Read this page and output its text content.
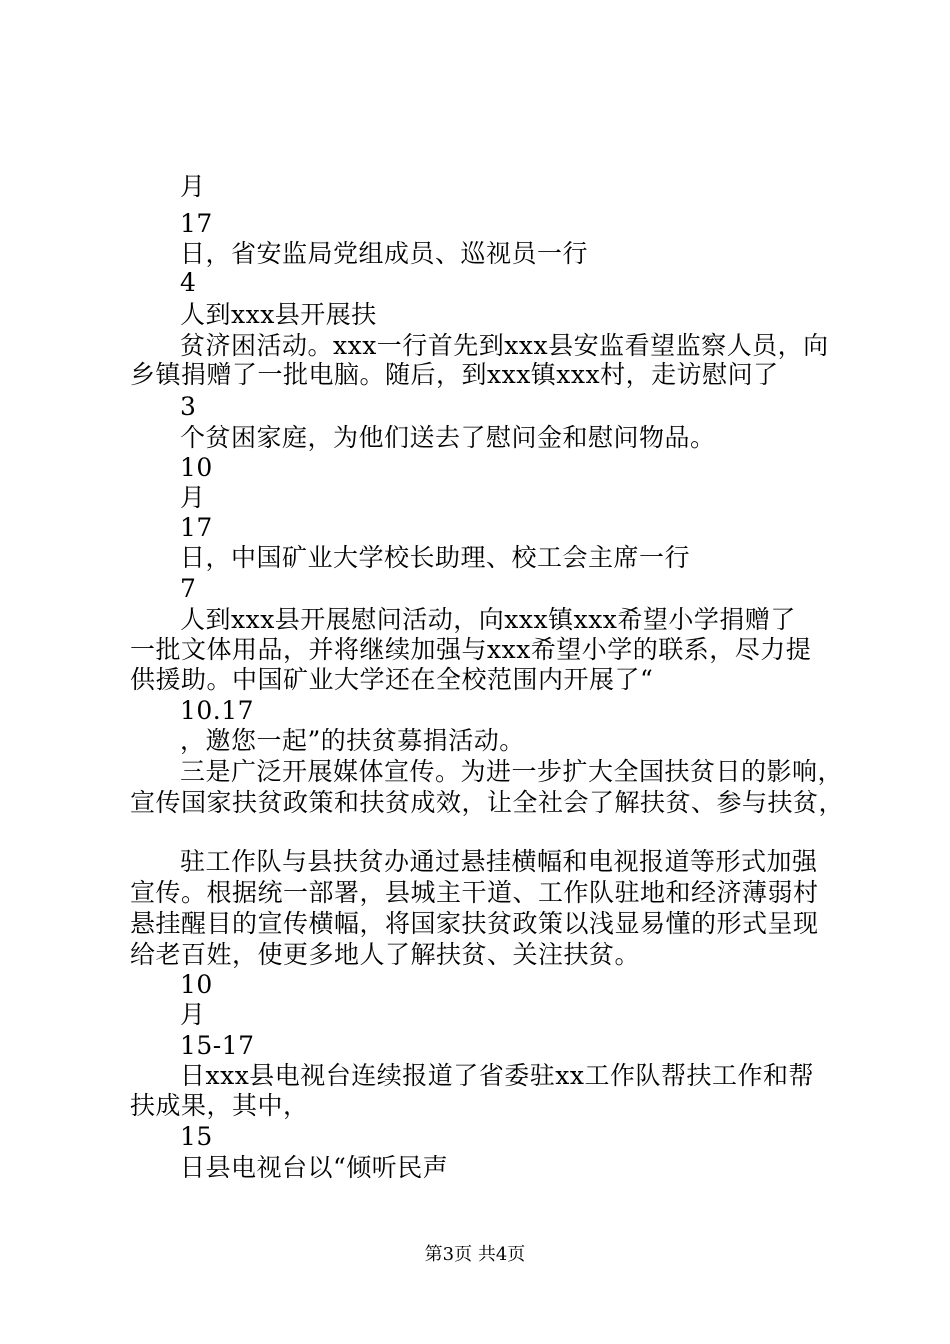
月
17
日，省安监局党组成员、巡视员一行
4
人到xxx县开展扶
贫济困活动。xxx一行首先到xxx县安监看望监察人员，向
乡镇捐赠了一批电脑。随后，到xxx镇xxx村，走访慰问了
3
个贫困家庭，为他们送去了慰问金和慰问物品。
10
月
17
日，中国矿业大学校长助理、校工会主席一行
7
人到xxx县开展慰问活动，向xxx镇xxx希望小学捐赠了
一批文体用品，并将继续加强与xxx希望小学的联系，尽力提
供援助。中国矿业大学还在全校范围内开展了“
10.17
，邀您一起”的扶贫募捐活动。
三是广泛开展媒体宣传。为进一步扩大全国扶贫日的影响，
宣传国家扶贫政策和扶贫成效，让全社会了解扶贫、参与扶贫，
驻工作队与县扶贫办通过悬挂横幅和电视报道等形式加强
宣传。根据统一部署，县城主干道、工作队驻地和经济薄弱村
悬挂醒目的宣传横幅，将国家扶贫政策以浅显易懂的形式呈现
给老百姓，使更多地人了解扶贫、关注扶贫。
10
月
15-17
日xxx县电视台连续报道了省委驻xx工作队帮扶工作和帮
扶成果，其中，
15
日县电视台以“倾听民声
第3页 共4页
